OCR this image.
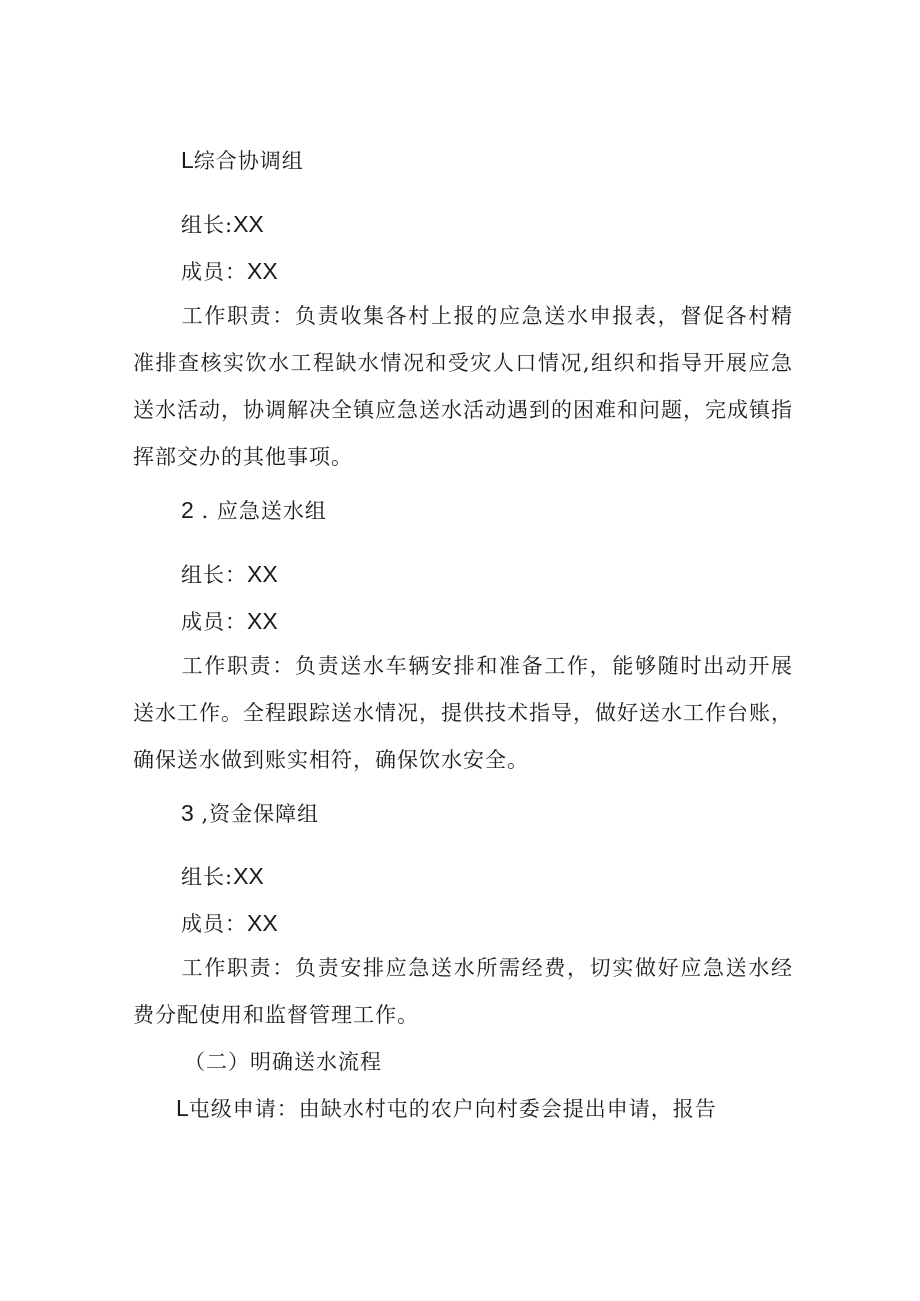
L综合协调组
组长:XX
成员：XX
工作职责：负责收集各村上报的应急送水申报表，督促各村精准排查核实饮水工程缺水情况和受灾人口情况,组织和指导开展应急送水活动，协调解决全镇应急送水活动遇到的困难和问题，完成镇指挥部交办的其他事项。
2 . 应急送水组
组长：XX
成员：XX
工作职责：负责送水车辆安排和准备工作，能够随时出动开展送水工作。全程跟踪送水情况，提供技术指导，做好送水工作台账，确保送水做到账实相符，确保饮水安全。
3 ,资金保障组
组长:XX
成员：XX
工作职责：负责安排应急送水所需经费，切实做好应急送水经费分配使用和监督管理工作。
（二）明确送水流程
L屯级申请：由缺水村屯的农户向村委会提出申请，报告
